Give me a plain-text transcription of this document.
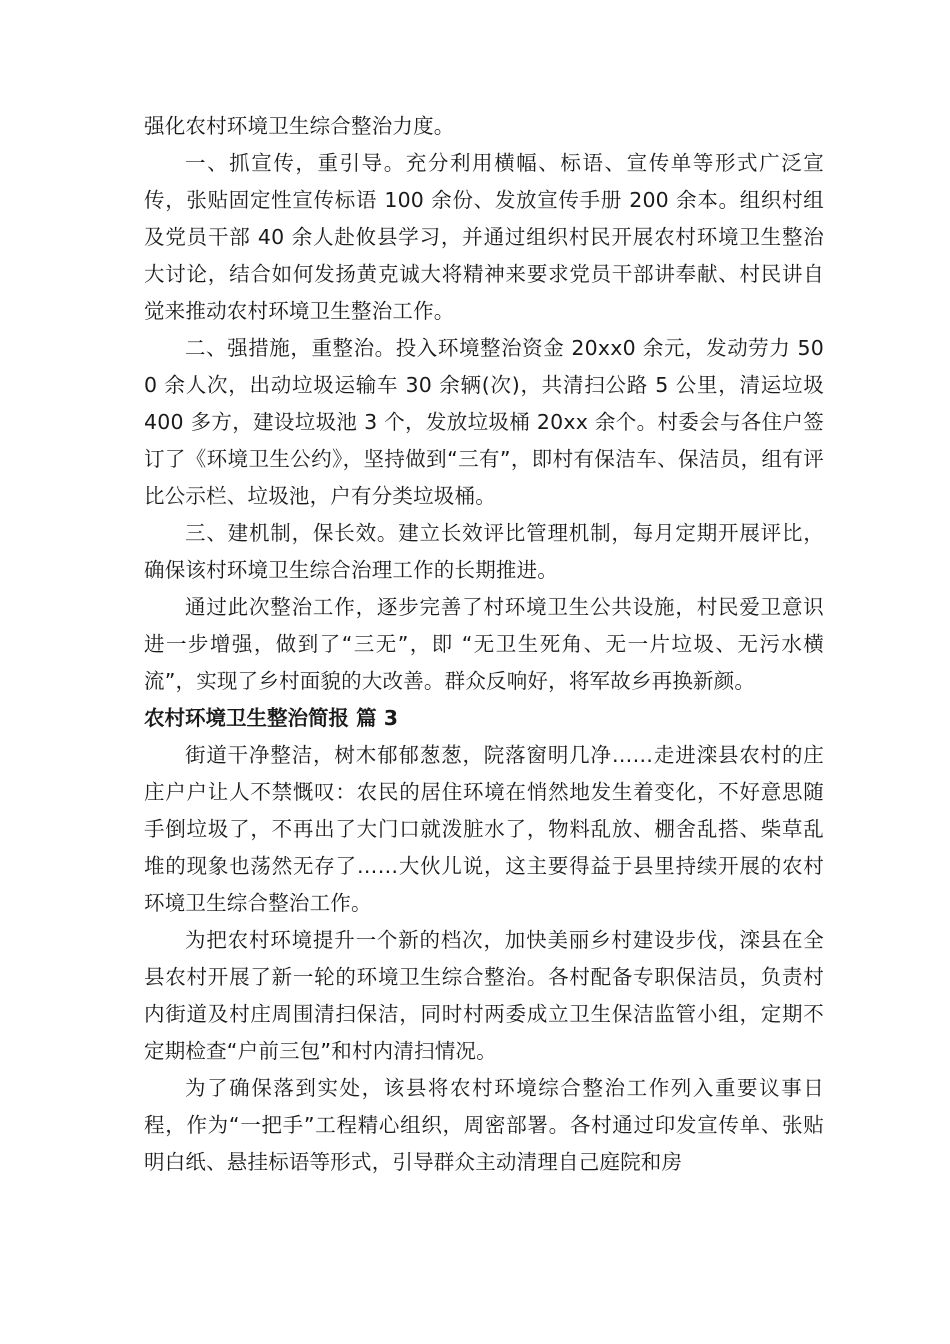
强化农村环境卫生综合整治力度。

一、抓宣传，重引导。充分利用横幅、标语、宣传单等形式广泛宣传，张贴固定性宣传标语 100 余份、发放宣传手册 200 余本。组织村组及党员干部 40 余人赴攸县学习，并通过组织村民开展农村环境卫生整治大讨论，结合如何发扬黄克诚大将精神来要求党员干部讲奉献、村民讲自觉来推动农村环境卫生整治工作。

二、强措施，重整治。投入环境整治资金 20xx0 余元，发动劳力 500 余人次，出动垃圾运输车 30 余辆(次)，共清扫公路 5 公里，清运垃圾 400 多方，建设垃圾池 3 个，发放垃圾桶 20xx 余个。村委会与各住户签订了《环境卫生公约》，坚持做到“三有”，即村有保洁车、保洁员，组有评比公示栏、垃圾池，户有分类垃圾桶。

三、建机制，保长效。建立长效评比管理机制，每月定期开展评比，确保该村环境卫生综合治理工作的长期推进。

通过此次整治工作，逐步完善了村环境卫生公共设施，村民爱卫意识进一步增强，做到了“三无”，即 “无卫生死角、无一片垃圾、无污水横流”，实现了乡村面貌的大改善。群众反响好，将军故乡再换新颜。

农村环境卫生整治简报 篇 3

街道干净整洁，树木郁郁葱葱，院落窗明几净……走进滦县农村的庄庄户户让人不禁慨叹：农民的居住环境在悄然地发生着变化，不好意思随手倒垃圾了，不再出了大门口就泼脏水了，物料乱放、棚舍乱搭、柴草乱堆的现象也荡然无存了……大伙儿说，这主要得益于县里持续开展的农村环境卫生综合整治工作。

为把农村环境提升一个新的档次，加快美丽乡村建设步伐，滦县在全县农村开展了新一轮的环境卫生综合整治。各村配备专职保洁员，负责村内街道及村庄周围清扫保洁，同时村两委成立卫生保洁监管小组，定期不定期检查“户前三包”和村内清扫情况。

为了确保落到实处，该县将农村环境综合整治工作列入重要议事日程，作为“一把手”工程精心组织，周密部署。各村通过印发宣传单、张贴明白纸、悬挂标语等形式，引导群众主动清理自己庭院和房
